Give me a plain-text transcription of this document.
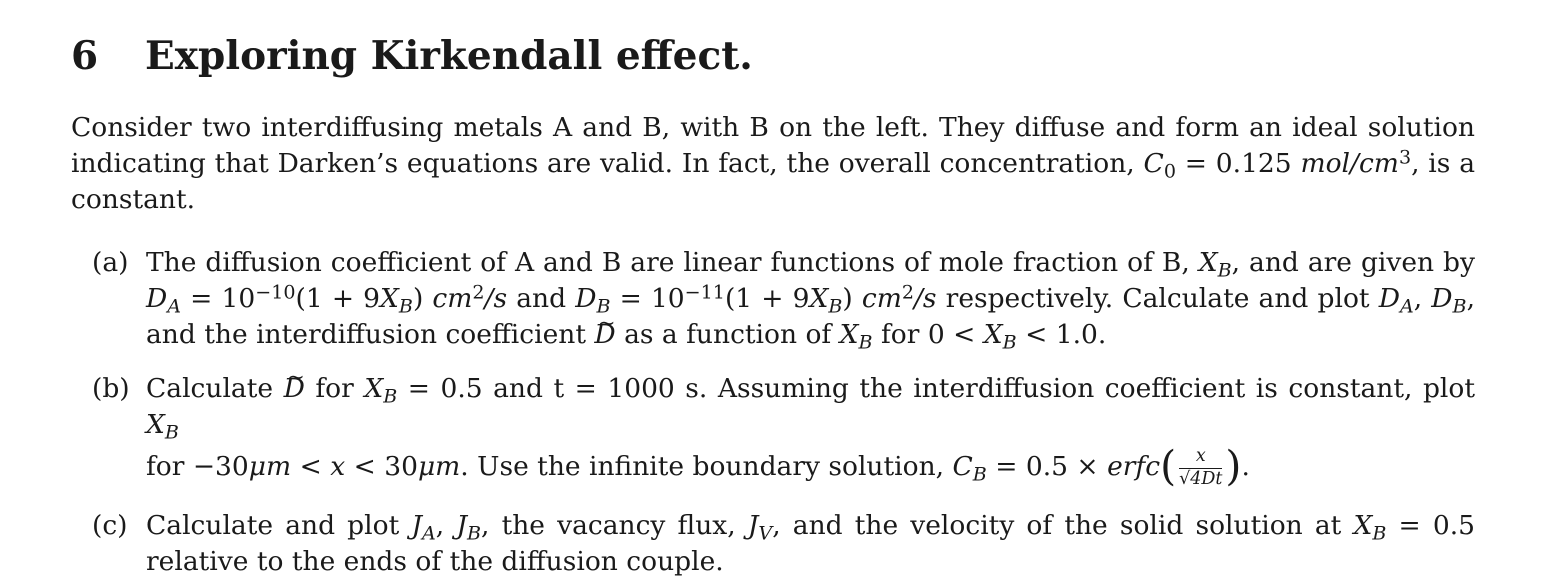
6	Exploring Kirkendall effect.

Consider two interdiffusing metals A and B, with B on the left. They diffuse and form an ideal solution indicating that Darken’s equations are valid. In fact, the overall concentration, $C_0 = 0.125$ mol/$cm^3$, is a constant.

(a) The diffusion coefficient of A and B are linear functions of mole fraction of B, $X_B$, and are given by $D_A = 10^{-10}(1 + 9X_B)$ $cm^2/s$ and $D_B = 10^{-11}(1 + 9X_B)$ $cm^2/s$ respectively. Calculate and plot $D_A$, $D_B$, and the interdiffusion coefficient ~ D as a function of $X_B$ for $0 < X_B < 1.0$.
(b) Calculate ~ D for $X_B = 0.5$ and t = 1000 s. Assuming the interdiffusion coefficient is constant, plot $X_B$
for −30μm < x < 30μm. Use the infinite boundary solution, $C_B = 0.5$ × erfc( $\frac{x}{√4Dt}$ ).
(c) Calculate and plot $J_A$, $J_B$, the vacancy flux, $J_V$, and the velocity of the solid solution at $X_B = 0.5$ relative to the ends of the diffusion couple.
